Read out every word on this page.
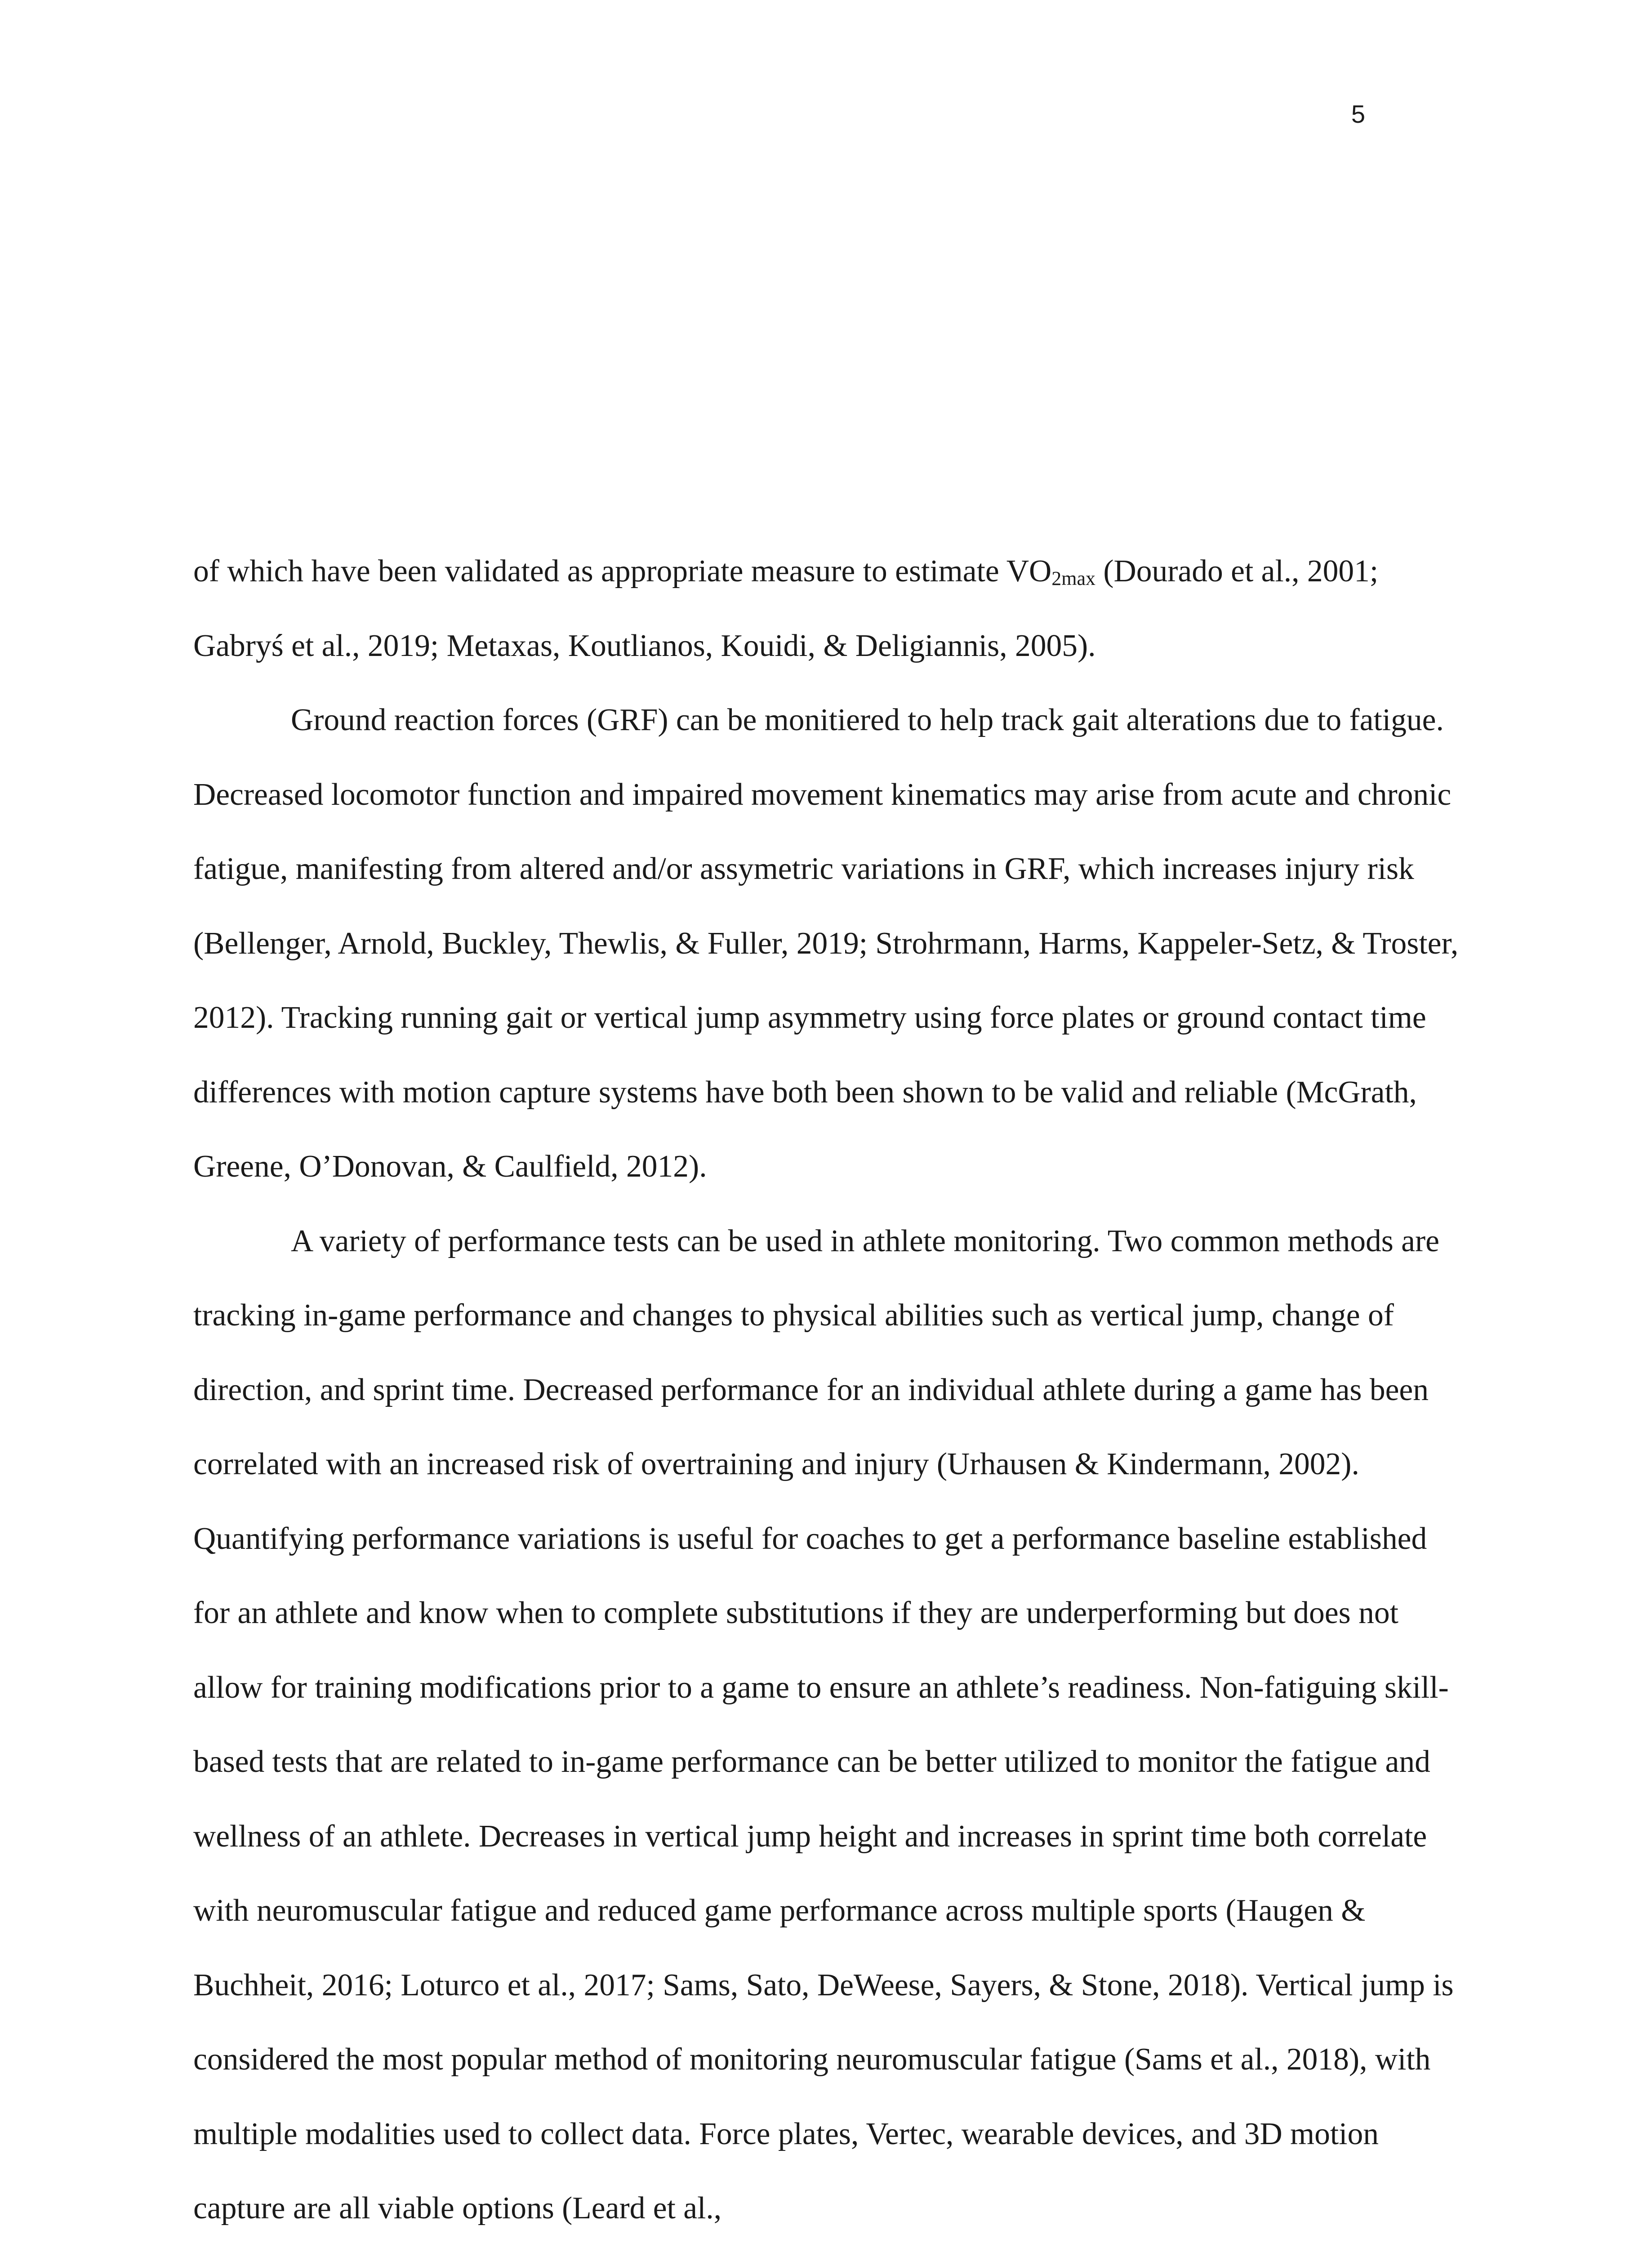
5

of which have been validated as appropriate measure to estimate VO2max (Dourado et al., 2001; Gabryś et al., 2019; Metaxas, Koutlianos, Kouidi, & Deligiannis, 2005).

Ground reaction forces (GRF) can be monitiered to help track gait alterations due to fatigue. Decreased locomotor function and impaired movement kinematics may arise from acute and chronic fatigue, manifesting from altered and/or assymetric variations in GRF, which increases injury risk (Bellenger, Arnold, Buckley, Thewlis, & Fuller, 2019; Strohrmann, Harms, Kappeler-Setz, & Troster, 2012). Tracking running gait or vertical jump asymmetry using force plates or ground contact time differences with motion capture systems have both been shown to be valid and reliable (McGrath, Greene, O’Donovan, & Caulfield, 2012).

A variety of performance tests can be used in athlete monitoring. Two common methods are tracking in-game performance and changes to physical abilities such as vertical jump, change of direction, and sprint time. Decreased performance for an individual athlete during a game has been correlated with an increased risk of overtraining and injury (Urhausen & Kindermann, 2002). Quantifying performance variations is useful for coaches to get a performance baseline established for an athlete and know when to complete substitutions if they are underperforming but does not allow for training modifications prior to a game to ensure an athlete’s readiness. Non-fatiguing skill-based tests that are related to in-game performance can be better utilized to monitor the fatigue and wellness of an athlete. Decreases in vertical jump height and increases in sprint time both correlate with neuromuscular fatigue and reduced game performance across multiple sports (Haugen & Buchheit, 2016; Loturco et al., 2017; Sams, Sato, DeWeese, Sayers, & Stone, 2018). Vertical jump is considered the most popular method of monitoring neuromuscular fatigue (Sams et al., 2018), with multiple modalities used to collect data. Force plates, Vertec, wearable devices, and 3D motion capture are all viable options (Leard et al.,
